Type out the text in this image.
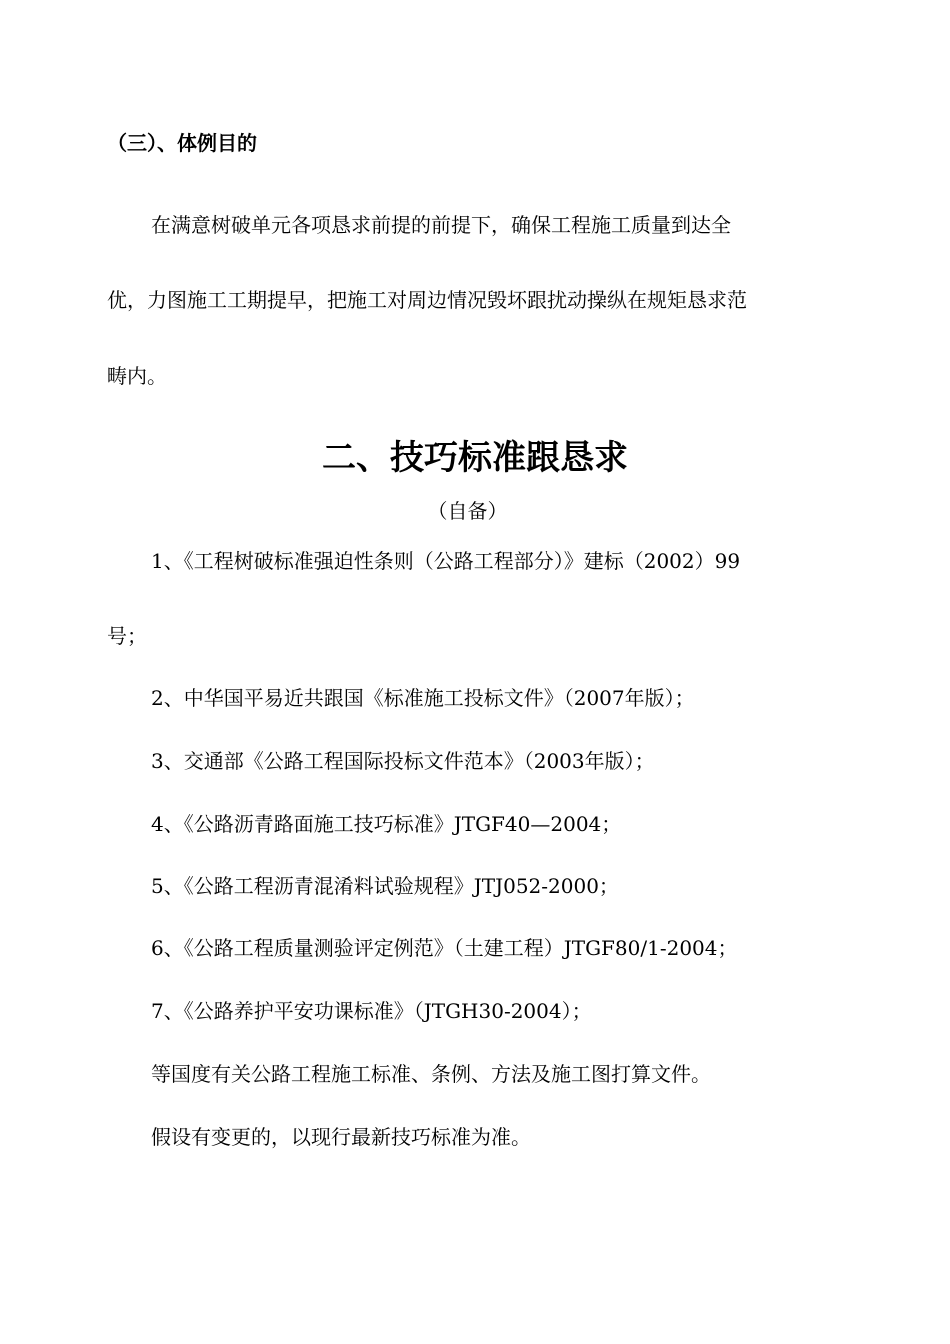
（三）、体例目的
在满意树破单元各项恳求前提的前提下，确保工程施工质量到达全
优，力图施工工期提早，把施工对周边情况毁坏跟扰动操纵在规矩恳求范
畴内。
二、技巧标准跟恳求
（自备）
1、《工程树破标准强迫性条则（公路工程部分）》建标（2002）99
号；
2、中华国平易近共跟国《标准施工投标文件》（2007年版）；
3、交通部《公路工程国际投标文件范本》（2003年版）；
4、《公路沥青路面施工技巧标准》JTGF40—2004；
5、《公路工程沥青混淆料试验规程》JTJ052-2000；
6、《公路工程质量测验评定例范》（土建工程）JTGF80/1-2004；
7、《公路养护平安功课标准》（JTGH30-2004）；
等国度有关公路工程施工标准、条例、方法及施工图打算文件。
假设有变更的，以现行最新技巧标准为准。
